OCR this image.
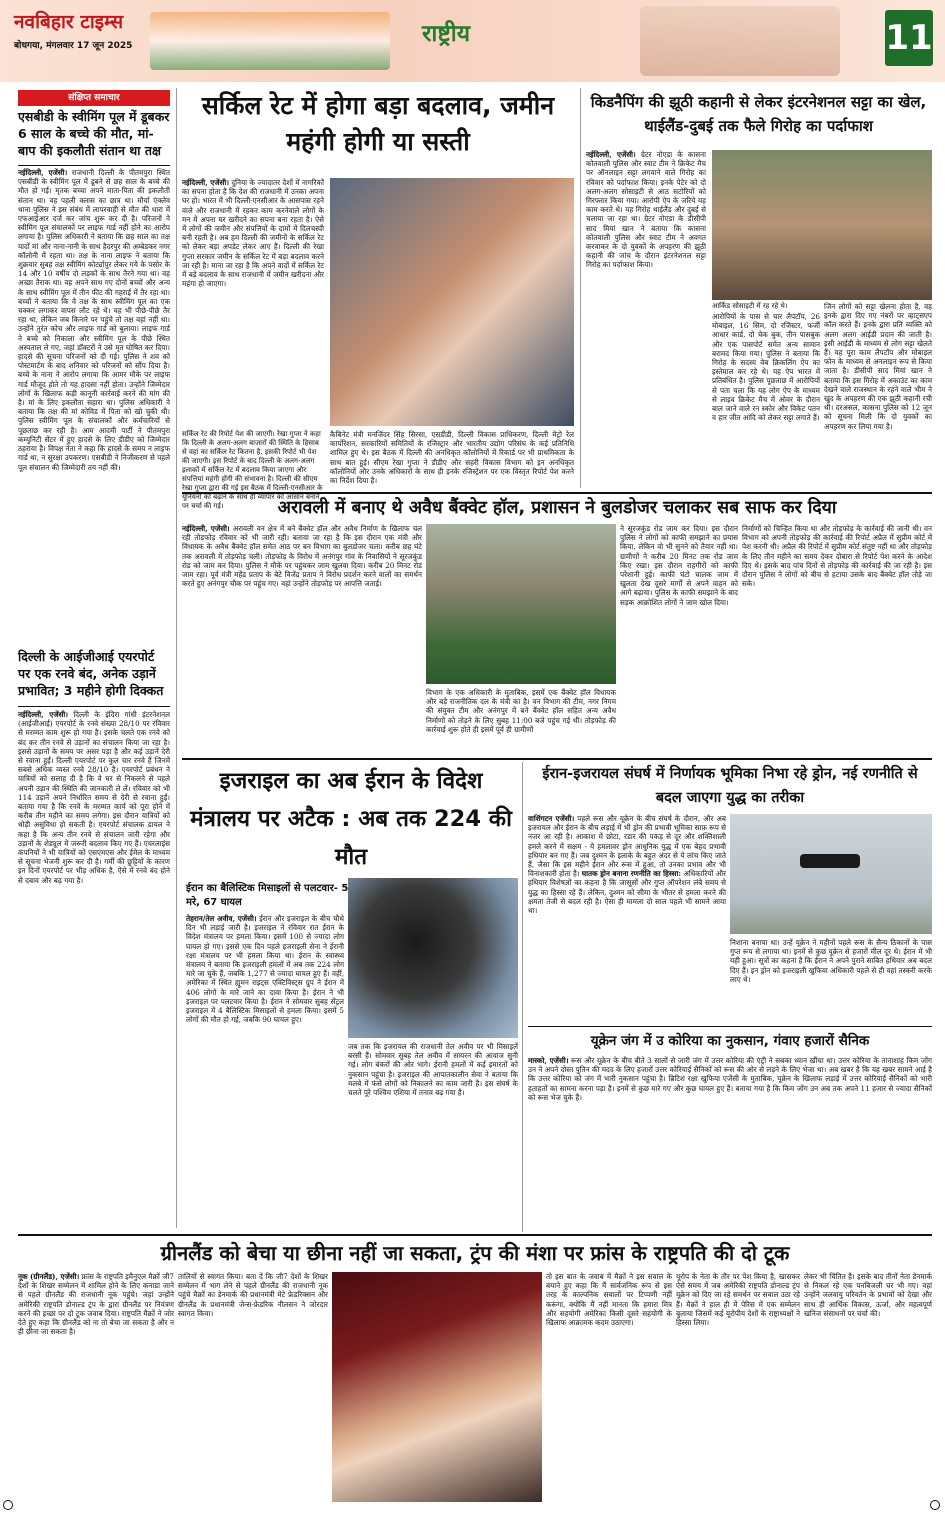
नवबिहार टाइम्स
बोधगया, मंगलवार 17 जून 2025	राष्ट्रीय	11
संक्षिप्त समाचार
एसबीडी के स्वीमिंग पूल में डूबकर 6 साल के बच्चे की मौत, मां-बाप की इकलौती संतान था तक्ष
नईदिल्ली, एजेंसी। राजधानी दिल्ली के पीतमपुरा स्थित एसबीडी के स्वीमिंग पूल में डूबने से छह साल के बच्चे की मौत हो गई। मृतक बच्चा अपने माता-पिता की इकलौती संतान था। वह पहली क्लास का छात्र था। मौर्या एंक्लेव थाना पुलिस ने इस संबंध में लापरवाही से मौत की धारा में एफआईआर दर्ज कर जांच शुरू कर दी है। परिजनों ने स्वीमिंग पूल संचालकों पर लाइफ गार्ड नहीं होने का आरोप लगाया है। पुलिस अधिकारी ने बताया कि छह साल का तक्ष यादों मां और नाना-नानी के साथ हैदरपुर की अम्बेडकर नगर कॉलोनी में रहता था। तक्ष के नाना लाइफ ने बताया कि शुक्रवार सुबह तक्ष स्वीमिंग कोर्ट्यापुर लेकर गये के पसोर के 14 और 10 वर्षीय दो लड़कों के साथ तैरने गया था। वह अच्छा तैराक था। वह अपने साथ गए दोनों बच्चों और अन्य के साथ स्वीमिंग पूल में तीन फीट की गहराई में तैर रहा था। बच्चों ने बताया कि वे तक्ष के साथ स्वीमिंग पूल का एक चक्कर लगाकर वापस लौट रहे थे। वह भी पीछे-पीछे तैर रहा था, लेकिन जब किनारे पर पहुंचे तो तक्ष वहां नहीं था। उन्होंने तुरंत कोच और लाइफ गार्ड को बुलाया। लाइफ गार्ड ने बच्चे को निकाला और स्वीमिंग पूल के पीछे स्थित अस्पताल ले गए, जहां डॉक्टरों ने उसे मृत घोषित कर दिया। हादसे की सूचना परिजनों को दी गई। पुलिस ने शव को पोस्टमार्टम के बाद शनिवार को परिजनों को सौंप दिया है। बच्चे के नाना ने आरोप लगाया कि आमर मौके पर लाइफ गार्ड मौजूद होते तो यह हादसा नहीं होता। उन्होंने जिम्मेदार लोगों के खिलाफ कड़ी कानूनी कार्रवाई करने की मांग की है। मां के लिए इकलौता सहारा था। पुलिस अधिकारी ने बताया कि तक्ष की मां कोविड में पिता को खो चुकी थी। पुलिस स्वीमिंग पूल के संचालकों और कर्मचारियों से पूछताछ कर रही है। आम आदमी पार्टी ने पीतमपुरा कम्युनिटी सेंटर में हुए हादसे के लिए डीडीए को जिम्मेदार ठहराया है। विपक्ष नेता ने कहा कि हादसे के समय न लाइफ गार्ड था, न सुरक्षा उपकरण। एसबीडी ने निजीकरण से पहले पूल संचालन की जिम्मेदारी तय नहीं की।
दिल्ली के आईजीआई एयरपोर्ट पर एक रनवे बंद, अनेक उड़ानें प्रभावित; 3 महीने होगी दिक्कत
नईदिल्ली, एजेंसी। दिल्ली के इंदिरा गांधी इंटरनेशनल (आईजीआई) एयरपोर्ट के रनवे संख्या 28/10 पर रविवार से मरम्मत काम शुरू हो गया है। इसके चलते एक रनवे को बंद कर तीन रनवे से उड़ानों का संचालन किया जा रहा है। इससे उड़ानों के समय पर असर पड़ा है और कई उड़ानें देरी से रवाना हुईं। दिल्ली एयरपोर्ट पर कुल चार रनवे हैं जिनमें सबसे अधिक व्यस्त रनवे 28/10 है। एयरपोर्ट प्रबंधन ने यात्रियों को सलाह दी है कि वे घर से निकलने से पहले अपनी उड़ान की स्थिति की जानकारी ले लें। रविवार को भी 114 उड़ानें अपने निर्धारित समय से देरी से रवाना हुईं। बताया गया है कि रनवे के मरम्मत कार्य को पूरा होने में करीब तीन महीने का समय लगेगा। इस दौरान यात्रियों को थोड़ी असुविधा हो सकती है। एयरपोर्ट संचालक डायल ने कहा है कि अन्य तीन रनवे से संचालन जारी रहेगा और उड़ानों के शेड्यूल में जरूरी बदलाव किए गए हैं। एयरलाइंस कंपनियों ने भी यात्रियों को एसएमएस और ईमेल के माध्यम से सूचना भेजनी शुरू कर दी है। गर्मी की छुट्टियों के कारण इन दिनों एयरपोर्ट पर भीड़ अधिक है, ऐसे में रनवे बंद होने से दबाव और बढ़ गया है।
सर्किल रेट में होगा बड़ा बदलाव, जमीन महंगी होगी या सस्ती
नईदिल्ली, एजेंसी। दुनिया के ज्यादातर देशों में नागरिकों का सपना होता है कि देश की राजधानी में उनका अपना घर हो। भारत में भी दिल्ली-एनसीआर के आसपास रहने वाले और राजधानी में रहकर काम करनेवाले लोगों के मन में अपना घर खरीदने का सपना बना रहता है। ऐसे में लोगों की जमीन और संपत्तियों के दामों में दिलचस्पी बनी रहती है। अब हम दिल्ली की जमीनों के सर्किल रेट को लेकर बड़ा अपडेट लेकर आए हैं। दिल्ली की रेखा गुप्ता सरकार जमीन के सर्किल रेट में बड़ा बदलाव करने जा रही है। माना जा रहा है कि अपने वादों में सर्किल रेट में बड़े बदलाव के साथ राजधानी में जमीन खरीदना और महंगा हो जाएगा।
सर्किल रेट की रिपोर्ट पेश की जाएगी। रेखा गुप्ता ने कहा कि दिल्ली के अलग-अलग बाजारों की स्थिति के हिसाब से वहां का सर्किल रेट कितना है, इसकी रिपोर्ट भी पेश की जाएगी। इस रिपोर्ट के बाद दिल्ली के अलग-अलग इलाकों में सर्किल रेट में बदलाव किया जाएगा और संपत्तियां महंगी होंगी की संभावना है। दिल्ली की सीएम रेखा गुप्ता द्वारा की गई इस बैठक में दिल्ली-एनसीआर के यूनियनों को बढ़ाने के साथ ही व्यापार को आसान बनाने पर चर्चा की गई।
कैबिनेट मंत्री मनजिंदर सिंह सिरसा, एसडीडी, दिल्ली विकास प्राधिकरण, दिल्ली मेट्रो रेल कार्पोरेशन, सरकारियों समितियों के रजिस्ट्रार और भारतीय उद्योग परिसंघ के कई प्रतिनिधि शामिल हुए थे। इस बैठक में दिल्ली की अनधिकृत कॉलोनियों में रिकार्ड पर भी प्राथमिकता के साथ बात हुई। सीएम रेखा गुप्ता ने डीडीए और सहरी विकास विभाग को इन अनधिकृत कॉलोनियों और उनके अधिकारों के साथ ही इनके रजिस्ट्रेशन पर एक विस्तृत रिपोर्ट पेश करने का निर्देश दिया है।
किडनैपिंग की झूठी कहानी से लेकर इंटरनेशनल सट्टा का खेल, थाईलैंड-दुबई तक फैले गिरोह का पर्दाफाश
नईदिल्ली, एजेंसी। ग्रेटर नोएडा के कासना कोतवाली पुलिस और स्वाट टीम ने क्रिकेट मैच पर ऑनलाइन सट्टा लगवाने वाले गिरोह का रविवार को पर्दाफाश किया। इनके पेटेर को दो अलग-अलग सोसाइटी से आठ सटोरियों को गिरफ्तार किया गया। आरोपी ऐप के जरिये यह काम करते थे। यह गिरोह थाईलैंड और दुबई से चलाया जा रहा था। ग्रेटर नोएडा के डीसीपी साद मियां खान ने बताया कि कासना कोतवाली पुलिस और स्वाट टीम ने अवगत करवाकर के दो युवकों के अपहरण की झूठी कहानी की जांच के दौरान इंटरनेशनल सट्टा गिरोह का पर्दाफाश किया।
आर्किड सोसाइटी में रह रहे थे।
आरोपियों के पास से चार लैपटॉप, 26 मोबाइल, 16 सिम, दो रजिस्टर, फर्जी आधार कार्ड, दो चेक बुक, तीन पासबुक और एक पासपोर्ट समेत अन्य सामान बरामद किया गया। पुलिस ने बताया कि गिरोह के सदस्य वेब क्रिकलिंग ऐप का इस्तेमाल कर रहे थे। यह ऐप भारत में प्रतिबंधित है। पुलिस पूछताछ में आरोपियों से पता चला कि यह लोग ऐप के माध्यम से लाइव क्रिकेट मैच में ओवर के दौरान बाल जाने वाले रन स्कोर और विकेट पतन व हार जीत आदि को लेकर सट्टा लगाते हैं।
जिन लोगों को सट्टा खेलना होता है, वह इनके द्वारा दिए गए नंबरों पर व्हाट्सएप कॉल करते हैं। इनके द्वारा प्रति व्यक्ति को अलग अलग आईडी प्रदान की जाती है। इसी आईडी के माध्यम से लोग सट्टा खेलते हैं। यह पूरा काम लैपटॉप और मोबाइल फोन के माध्यम से अनलाइन रूप से किया जाता है। डीसीपी साद मियां खान ने बताया कि इस गिरोह में अकाउंट का काम देखने वाले राजस्थान के रहने वाले भीम ने खुद के अपहरण की एक झूठी कहानी रची थी। दरअसल, कासना पुलिस को 12 जून को सूचना मिली कि दो युवकों का अपहरण कर लिया गया है।
अरावली में बनाए थे अवैध बैंक्वेट हॉल, प्रशासन ने बुलडोजर चलाकर सब साफ कर दिया
नईदिल्ली, एजेंसी। अरावली वन क्षेत्र में बने बैंक्वेट हॉल और अवैध निर्माण के खिलाफ चल रही तोड़फोड़ रविवार को भी जारी रही। बताया जा रहा है कि इस दौरान एक मंत्री और विधायक के अवैध बैंक्वेट हॉल समेत आठ पर बन विभाग का बुलडोजर चला। करीब छह घंटे तक अरावली में तोड़फोड़ चली। तोड़फोड़ के विरोध में अनंगपुर गांव के निवासियों ने सूरजकुंड रोड को जाम कर दिया। पुलिस ने मौके पर पहुंचकर जाम खुलवा दिया। करीब 20 मिनट रोड जाम रहा। पूर्व मंत्री महेंद्र प्रताप के बेटे विजेंद्र प्रताप ने विरोध प्रदर्शन करने वालों का समर्थन करते हुए अनंगपुर चौक पर पहुंच गए। वहां उन्होंने तोड़फोड़ पर आपत्ति जताई।
विभाग के एक अधिकारी के मुताबिक, इसमें एक बैंक्वेट हॉल विधायक और बड़े राजनीतिक दल के मंत्री का है। वन विभाग की टीम, नगर निगम की संयुक्त टीम और अनंगपुर में बने बैंक्वेट हॉल सहित अन्य अवैध निर्माणों को तोड़ने के लिए सुबह 11:00 बजे पहुंच गई थी। तोड़फोड़ की कार्रवाई शुरू होते ही इसमें पूर्व ही ग्रामीणों
ने सूरजकुंड रोड जाम कर दिया। इस दौरान पुलिस ने लोगों को काफी समझाने का प्रयास किया, लेकिन वो भी सुनने को तैयार नहीं था। ग्रामीणों ने करीब 20 मिनट तक रोड जाम किए रखा। इस दौरान राहगीरों को काफी परेशानी हुई। काफी घंटो चालक जाम में खुलता देख दूसरे मार्गों से अपने वाहन को आगे बढ़ाया। पुलिस के काफी समझाने के बाद सड़क आक्रोशित लोगों ने जाम खोल दिया।
निर्माणों को चिन्हित किया था और तोड़फोड़ के कार्रवाई की जानी थी। वन विभाग को अपनी तोड़फोड़ की कार्रवाई की रिपोर्ट अप्रैल में सुप्रीम कोर्ट में पेश करनी थी। अप्रैल की रिपोर्ट में सुप्रीम कोर्ट संतुष्ट नहीं था और तोड़फोड़ के लिए तीन महीने का समय देकर दोबारा से रिपोर्ट पेश करने के आदेश दिए थे। इसके बाद पांच दिनों से तोड़फोड़ की कार्रवाई की जा रही है। इस दौरान पुलिस ने लोगों को बीच से हटाया उसके बाद बैंक्वेट हॉल तोड़े जा सके।
इजराइल का अब ईरान के विदेश मंत्रालय पर अटैक : अब तक 224 की मौत
ईरान का बैलिस्टिक मिसाइलों से पलटवार- 5 मरे, 67 घायल
तेहरान/तेल अवीव, एजेंसी। ईरान और इजराइल के बीच चौथे दिन भी लड़ाई जारी है। इजराइल ने रविवार रात ईरान के विदेश मंत्रालय पर हमला किया। इसमें 100 से ज्यादा लोग घायल हो गए। इससे एक दिन पहले इजराइली सेना ने ईरानी रक्षा मंत्रालय पर भी हमला किया था। ईरान के स्वास्थ्य मंत्रालय ने बताया कि इजराइली हमलों में अब तक 224 लोग मारे जा चुके हैं, जबकि 1,277 से ज्यादा घायल हुए हैं। वहीं, अमेरिका में स्थित ह्यूमन राइट्स एक्टिविस्ट्स ग्रुप ने ईरान में 406 लोगों के मारे जाने का दावा किया है। ईरान ने भी इजराइल पर पलटवार किया है। ईरान ने सोमवार सुबह सेंट्रल इजराइल में 4 बैलिस्टिक मिसाइलों से हमला किया। इसमें 5 लोगों की मौत हो गई, जबकि 90 घायल हुए।
जब तक कि इजरायल की राजधानी तेल अवीव पर भी मिसाइलें बरसी हैं। सोमवार सुबह तेल अवीव में सायरन की आवाज सुनी गई। लोग बंकरों की ओर भागे। ईरानी हमलों में कई इमारतों को नुकसान पहुंचा है। इजराइल की आपातकालीन सेवा ने बताया कि मलबे में फंसे लोगों को निकालने का काम जारी है। इस संघर्ष के चलते पूरे पश्चिम एशिया में तनाव बढ़ गया है।
ईरान-इजरायल संघर्ष में निर्णायक भूमिका निभा रहे ड्रोन, नई रणनीति से बदल जाएगा युद्ध का तरीका
वाशिंगटन एजेंसी। पहले रूस और यूक्रेन के बीच संघर्ष के दौरान, और अब इजरायल और ईरान के बीच लड़ाई में भी ड्रोन की प्रभावी भूमिका साफ़ रूप से नजर आ रही है। आकाश में छोटा, रडार की पकड़ से दूर और शक्तिशाली हमले करने में सक्षम - ये हमलावर ड्रोन आधुनिक युद्ध में एक बेहद प्रभावी हथियार बन गए हैं। जब दुश्मन के इलाके के बहुत अंदर से ये लांच किए जाते हैं, जैसा कि इस महीने ईरान और रूस में हुआ, तो उनका प्रभाव और भी विनाशकारी होता है। घातक ड्रोन बनाना रणनीति का हिस्सा: अधिकारियों और हथियार विशेषज्ञों का कहना है कि जासूसों और गुप्त ऑपरेशन लंबे समय से युद्ध का हिस्सा रहे हैं। लेकिन, दुश्मन को सीमा के भीतर से हमला करने की क्षमता तेजी से बदल रही है। ऐसा ही मामला दो साल पहले भी सामने आया था।
निशाना बनाया था। उन्हें यूक्रेन ने महीनों पहले रूस के सैन्य ठिकानों के पास गुप्त रूप से लगाया था। इनमें से कुछ यूक्रेन से हजारों मील दूर थे। ईरान में भी यही हुआ। सूत्रों का कहना है कि ईरान ने अपने पुराने साबित हथियार अब बदल दिए हैं। इन ड्रोन को इजराइली खुफिया अधिकारी पहले से ही वहां तस्करी करके लाए थे।
यूक्रेन जंग में उ कोरिया का नुकसान, गंवाए हजारों सैनिक
मास्को, एजेंसी। रूस और यूक्रेन के बीच बीते 3 सालों से जारी जंग में उत्तर कोरिया की एंट्री ने सबका ध्यान खींचा था। उत्तर कोरिया के तानाशाह किम जोंग उन ने अपने दोस्त पुतिन की मदद के लिए हजारों उत्तर कोरियाई सैनिकों को रूस की ओर से लड़ने के लिए भेजा था। अब खबर है कि यह खबर सामने आई है कि उत्तर कोरिया को जंग में भारी नुकसान पहुंचा है। ब्रिटिश रक्षा खुफिया एजेंसी के मुताबिक, यूक्रेन के खिलाफ लड़ाई में उत्तर कोरियाई सैनिकों को भारी हताहतों का सामना करना पड़ा है। इनमें से कुछ मारे गए और कुछ घायल हुए हैं। बताया गया है कि किम जोंग उन अब तक अपने 11 हजार से ज्यादा सैनिकों को रूस भेज चुके हैं।
ग्रीनलैंड को बेचा या छीना नहीं जा सकता, ट्रंप की मंशा पर फ्रांस के राष्ट्रपति की दो टूक
नूक (ग्रीनलैंड), एजेंसी। फ्रांस के राष्ट्रपति इमैनुएल मैक्रों जी7 देशों के शिखर सम्मेलन में शामिल होने के लिए कनाडा जाने से पहले ग्रीनलैंड की राजधानी नूक पहुंचे। जहां उन्होंने अमेरिकी राष्ट्रपति डोनाल्ड ट्रंप के द्वारा ग्रीनलैंड पर नियंत्रण करने की इच्छा पर दो टूक जवाब दिया। राष्ट्रपति मैक्रों ने जोर देते हुए कहा कि ग्रीनलैंड को ना तो बेचा जा सकता है और न ही छीना जा सकता है।
तालियों से स्वागत किया। बता दें कि जी7 देशों के शिखर सम्मेलन में भाग लेने से पहले ग्रीनलैंड की राजधानी नूक पहुंचे मैक्रों का डेनमार्क की प्रधानमंत्री मेटे फ्रेडरिक्सन और ग्रीनलैंड के प्रधानमंत्री जेन्स-फ्रेडरिक नीलसन ने जोरदार स्वागत किया।
तो इस बात के जवाब में मैक्रों ने इस सवाल के बयाने हुए कहा कि मैं सार्वजनिक रूप से इस तरह के काल्पनिक सवालों पर टिप्पणी नहीं करूंगा, क्योंकि मैं नहीं मानता कि हमारा मित्र और सहयोगी अमेरिका किसी दूसरे सहयोगी के खिलाफ आक्रामक कदम उठाएगा।
यूरोप के नेता के तौर पर पेश किया है, खासकर ऐसे समय में जब अमेरिकी राष्ट्रपति डोनाल्ड ट्रंप यूक्रेन को दिए जा रहे समर्थन पर सवाल उठा रहे हैं। मैक्रों ने हाल ही में पेरिस में एक सम्मेलन बुलाया जिसमें कई यूरोपीय देशों के राष्ट्राध्यक्षों ने हिस्सा लिया।
लेकर भी चिंतित है। इसके बाद तीनों नेता डेनमार्क से निकल रहे एक पनबिजली घर भी गए। वहां उन्होंने जलवायु परिवर्तन के प्रभावों को देखा और साथ ही आर्थिक विकास, ऊर्जा, और महत्वपूर्ण खनिज संसाधनों पर चर्चा की।
